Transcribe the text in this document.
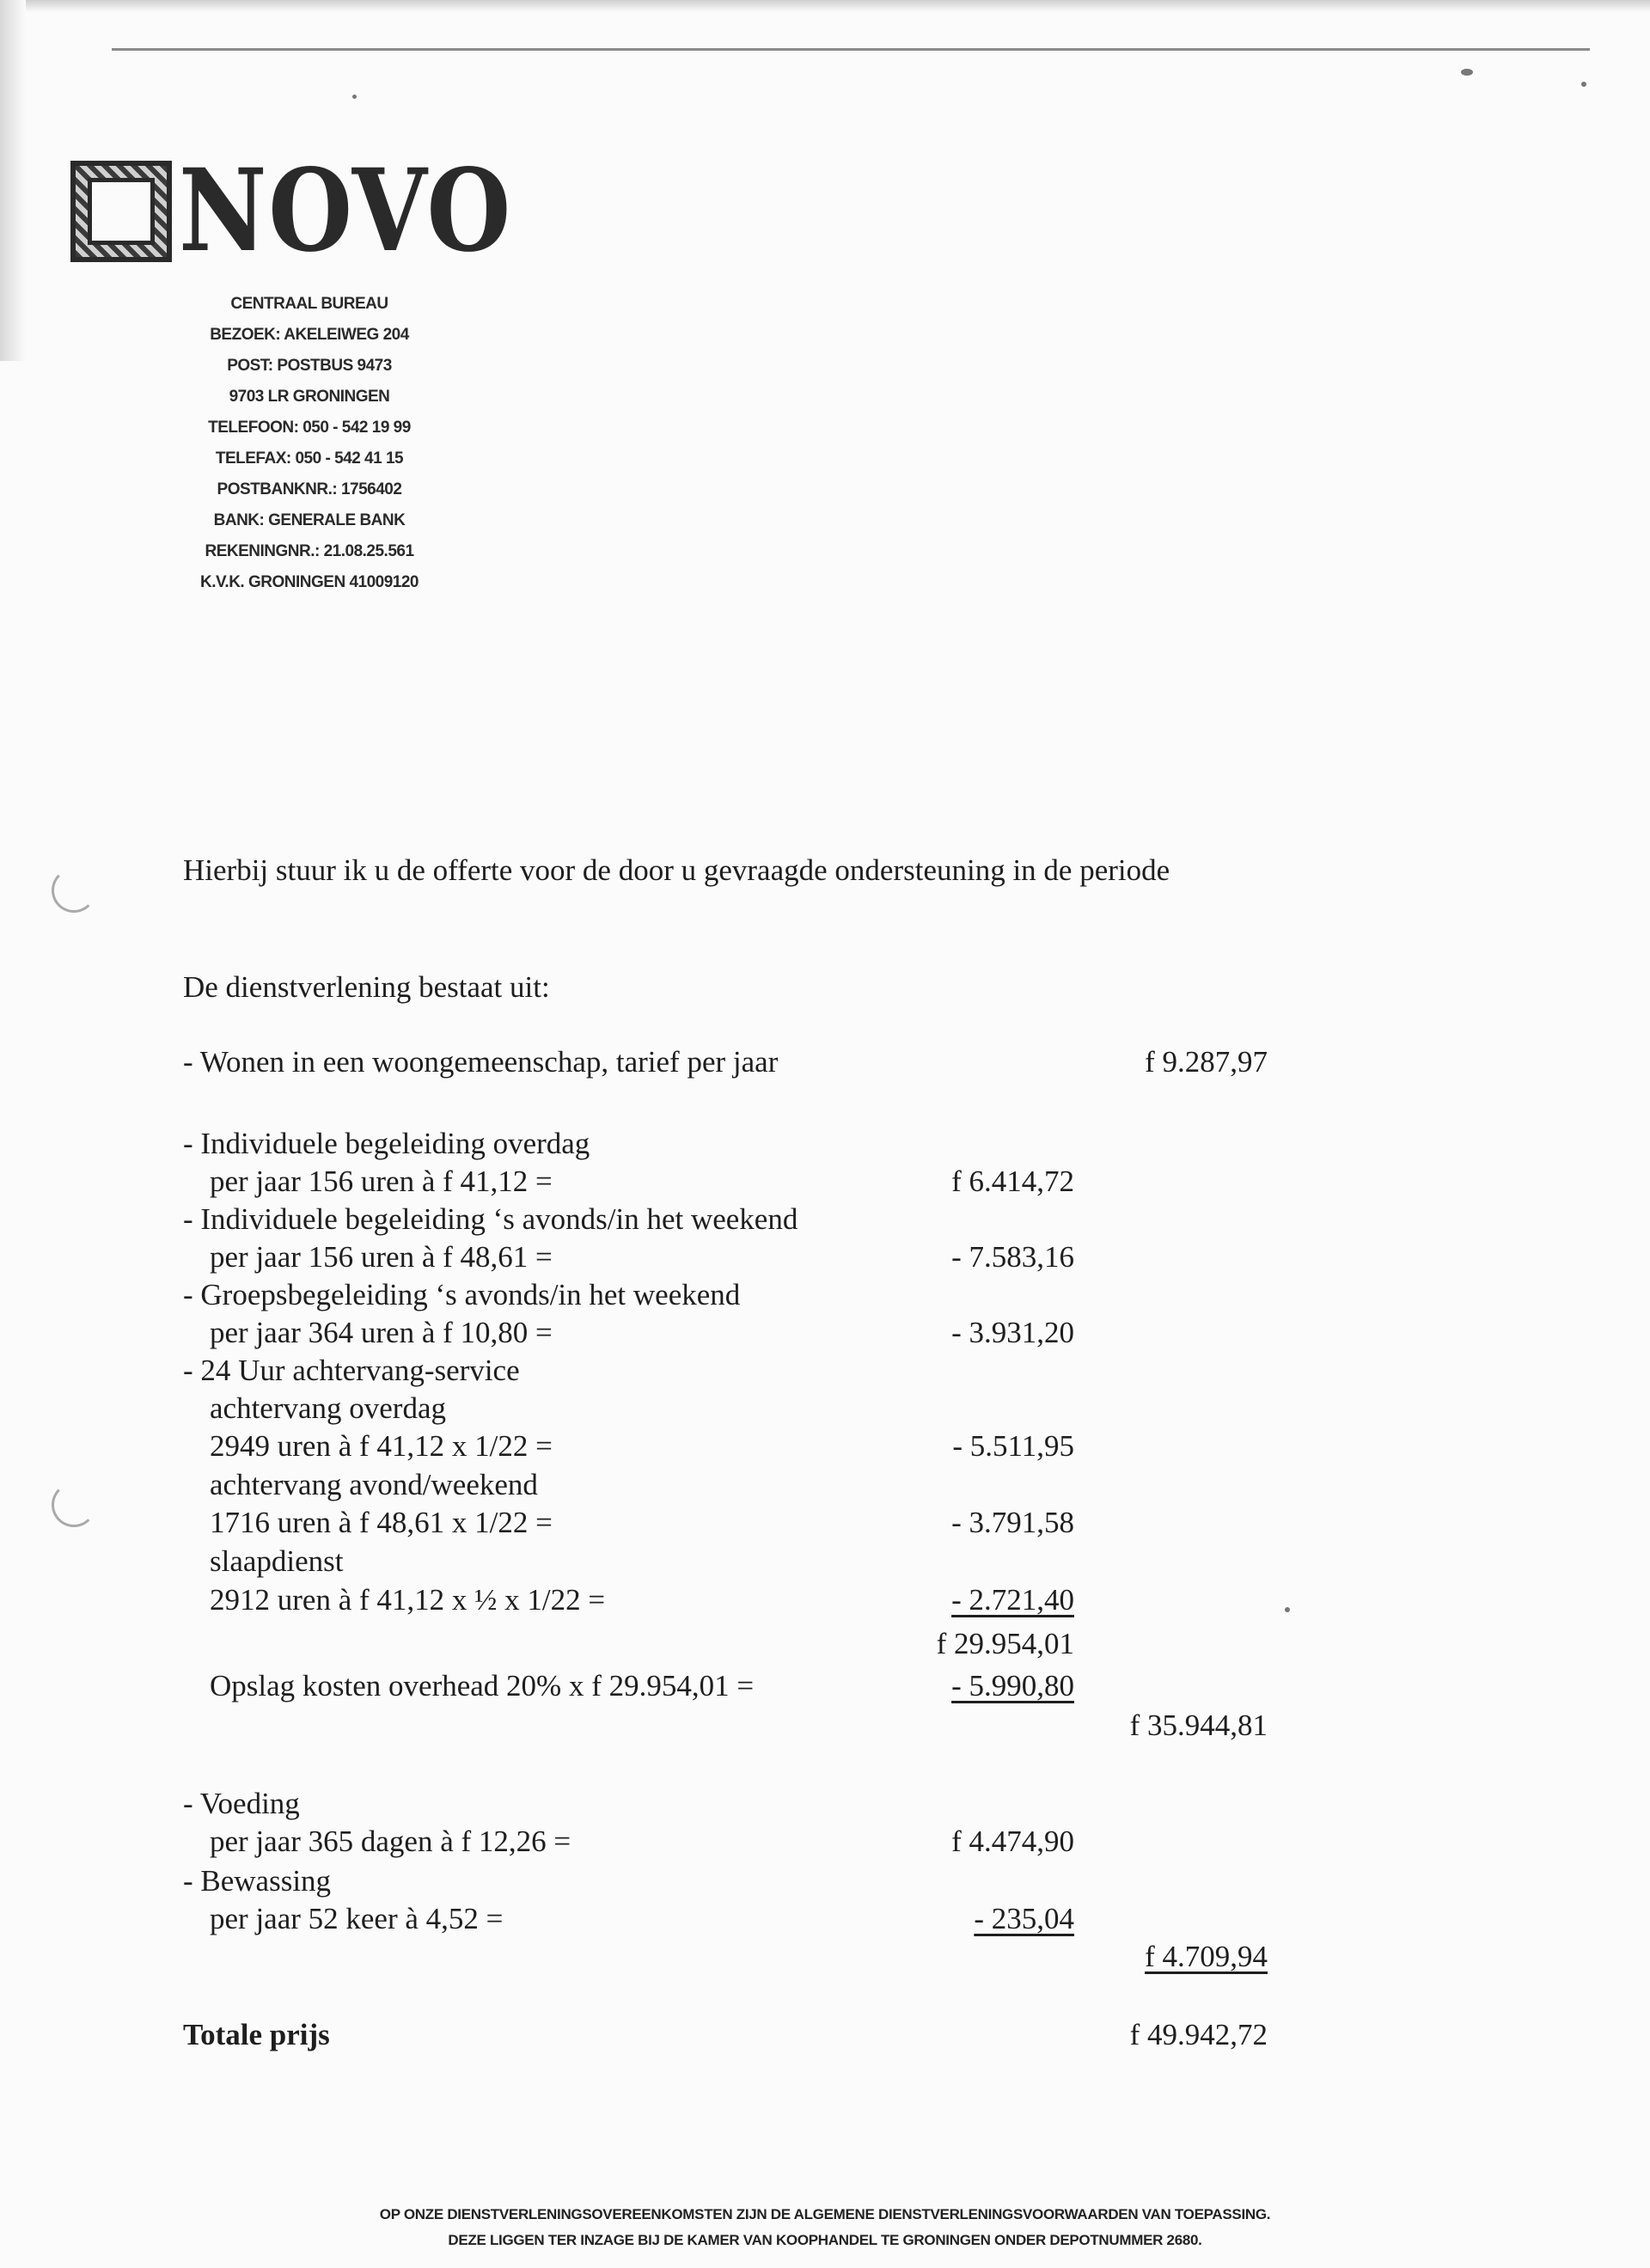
NOVO
CENTRAAL BUREAU
BEZOEK: AKELEIWEG 204
POST: POSTBUS 9473
9703 LR GRONINGEN
TELEFOON: 050 - 542 19 99
TELEFAX: 050 - 542 41 15
POSTBANKNR.: 1756402
BANK: GENERALE BANK
REKENINGNR.: 21.08.25.561
K.V.K. GRONINGEN 41009120
Hierbij stuur ik u de offerte voor de door u gevraagde ondersteuning in de periode
De dienstverlening bestaat uit:
- Wonen in een woongemeenschap, tarief per jaar	f 9.287,97
- Individuele begeleiding overdag
per jaar 156 uren à f 41,12 =	f 6.414,72
- Individuele begeleiding ‘s avonds/in het weekend
per jaar 156 uren à f 48,61 =	- 7.583,16
- Groepsbegeleiding ‘s avonds/in het weekend
per jaar 364 uren à f 10,80 =	- 3.931,20
- 24 Uur achtervang-service
achtervang overdag
2949 uren à f 41,12 x 1/22 =	- 5.511,95
achtervang avond/weekend
1716 uren à f 48,61 x 1/22 =	- 3.791,58
slaapdienst
2912 uren à f 41,12 x ½ x 1/22 =	- 2.721,40
f 29.954,01
Opslag kosten overhead 20% x f 29.954,01 =	- 5.990,80
f 35.944,81
- Voeding
per jaar 365 dagen à f 12,26 =	f 4.474,90
- Bewassing
per jaar 52 keer à 4,52 =	- 235,04
f 4.709,94
Totale prijs	f 49.942,72
OP ONZE DIENSTVERLENINGSOVEREENKOMSTEN ZIJN DE ALGEMENE DIENSTVERLENINGSVOORWAARDEN VAN TOEPASSING.
DEZE LIGGEN TER INZAGE BIJ DE KAMER VAN KOOPHANDEL TE GRONINGEN ONDER DEPOTNUMMER 2680.
